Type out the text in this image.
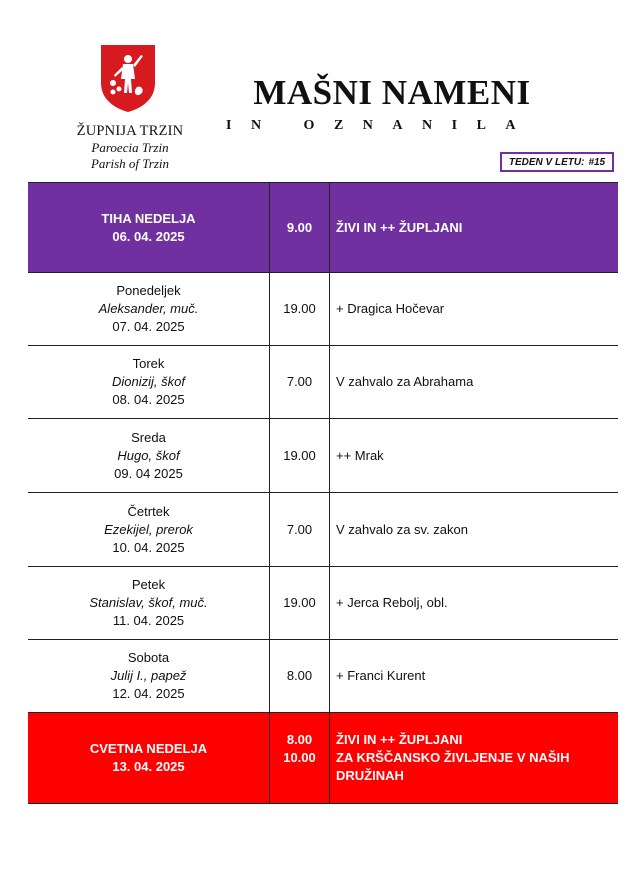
ŽUPNIJA TRZIN
Paroecia Trzin
Parish of Trzin
MAŠNI NAMENI
IN OZNANILA
TEDEN V LETU: #15
TIHA NEDELJA
06. 04. 2025
9.00 ŽIVI IN ++ ŽUPLJANI
Ponedeljek
Aleksander, muč.
07. 04. 2025
19.00 + Dragica Hočevar
Torek
Dionizij, škof
08. 04. 2025
7.00 V zahvalo za Abrahama
Sreda
Hugo, škof
09. 04 2025
19.00 ++ Mrak
Četrtek
Ezekijel, prerok
10. 04. 2025
7.00 V zahvalo za sv. zakon
Petek
Stanislav, škof, muč.
11. 04. 2025
19.00 + Jerca Rebolj, obl.
Sobota
Julij I., papež
12. 04. 2025
8.00 + Franci Kurent
CVETNA NEDELJA
13. 04. 2025
8.00
10.00
ŽIVI IN ++ ŽUPLJANI
ZA KRŠČANSKO ŽIVLJENJE V NAŠIH DRUŽINAH
